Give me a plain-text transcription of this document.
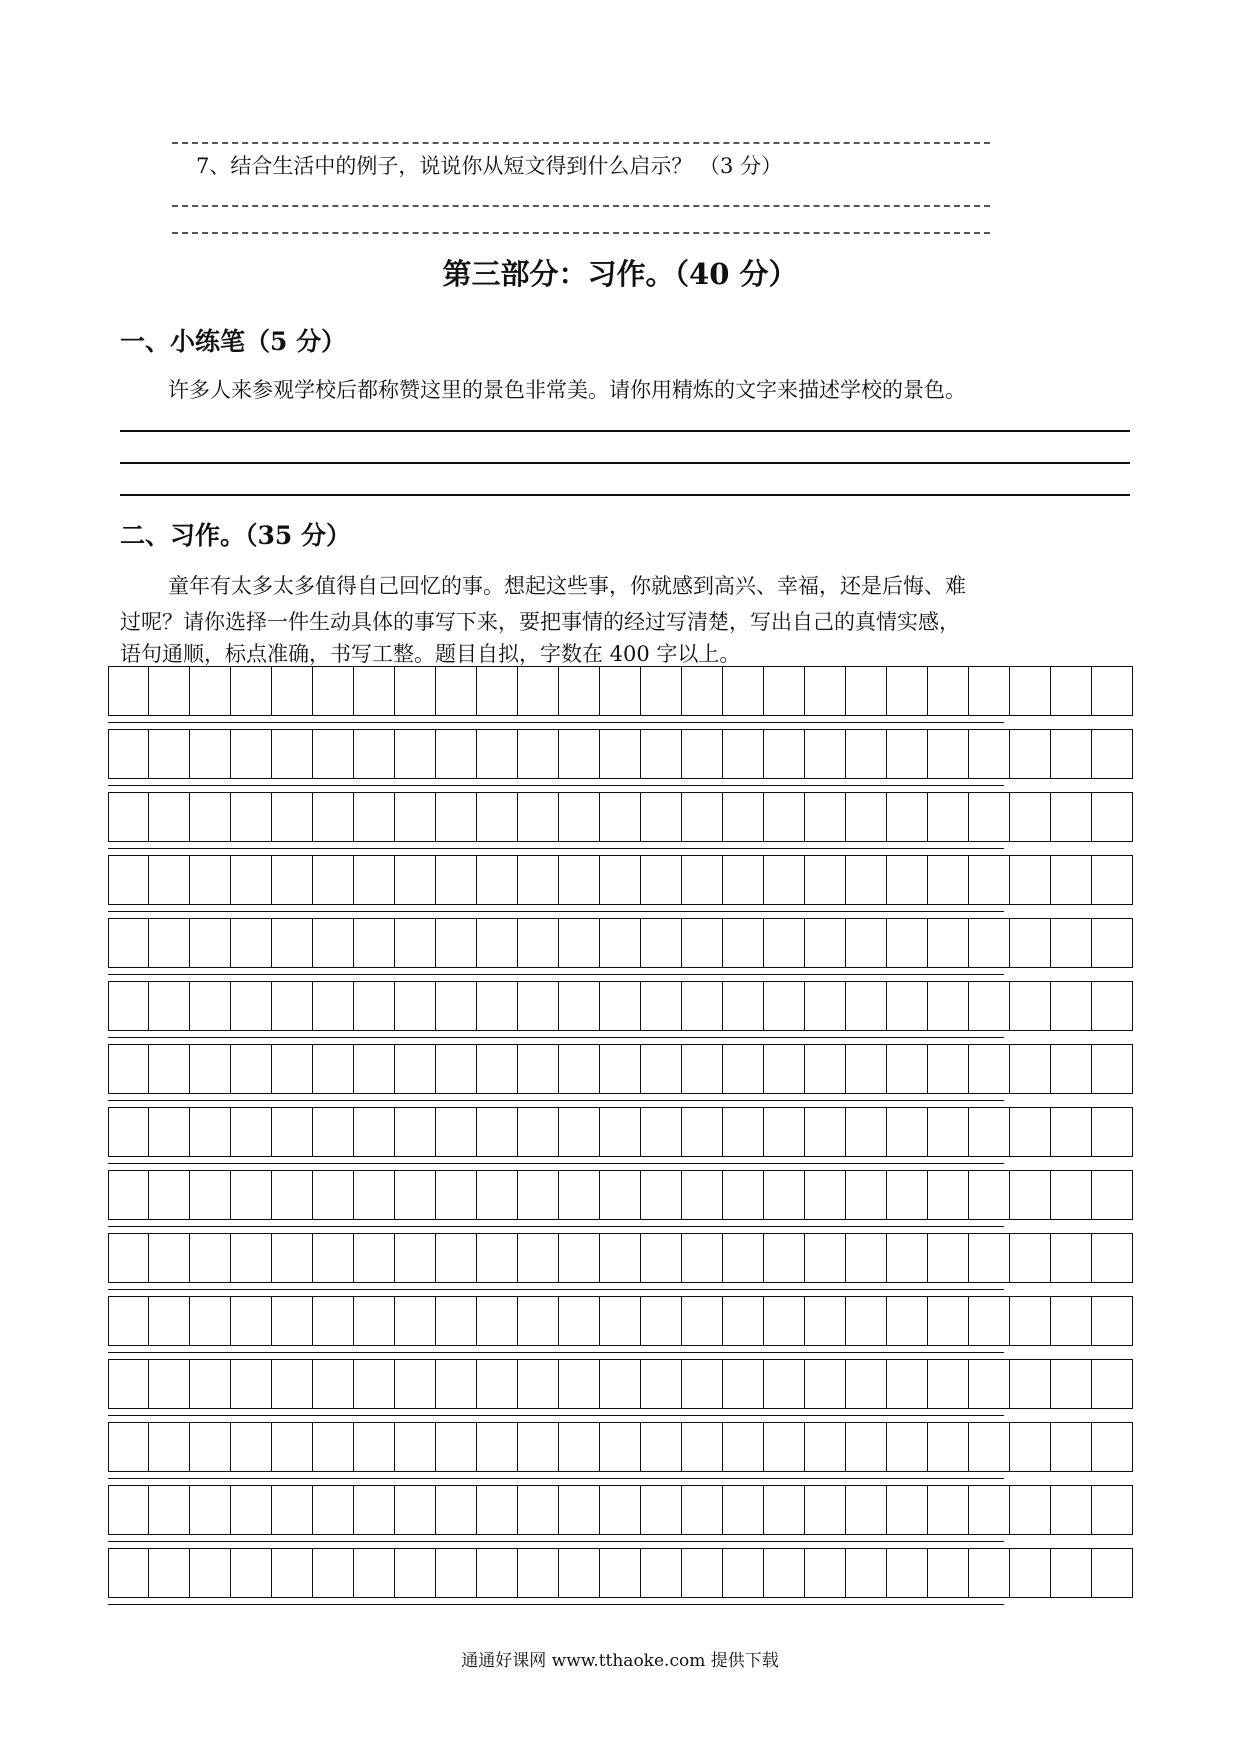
7、结合生活中的例子，说说你从短文得到什么启示？ （3 分）
第三部分：习作。（40 分）
一、小练笔（5 分）
许多人来参观学校后都称赞这里的景色非常美。请你用精炼的文字来描述学校的景色。
二、习作。（35 分）
童年有太多太多值得自己回忆的事。想起这些事，你就感到高兴、幸福，还是后悔、难
过呢？请你选择一件生动具体的事写下来，要把事情的经过写清楚，写出自己的真情实感，
语句通顺，标点准确，书写工整。题目自拟，字数在 400 字以上。
通通好课网 www.tthaoke.com 提供下载
